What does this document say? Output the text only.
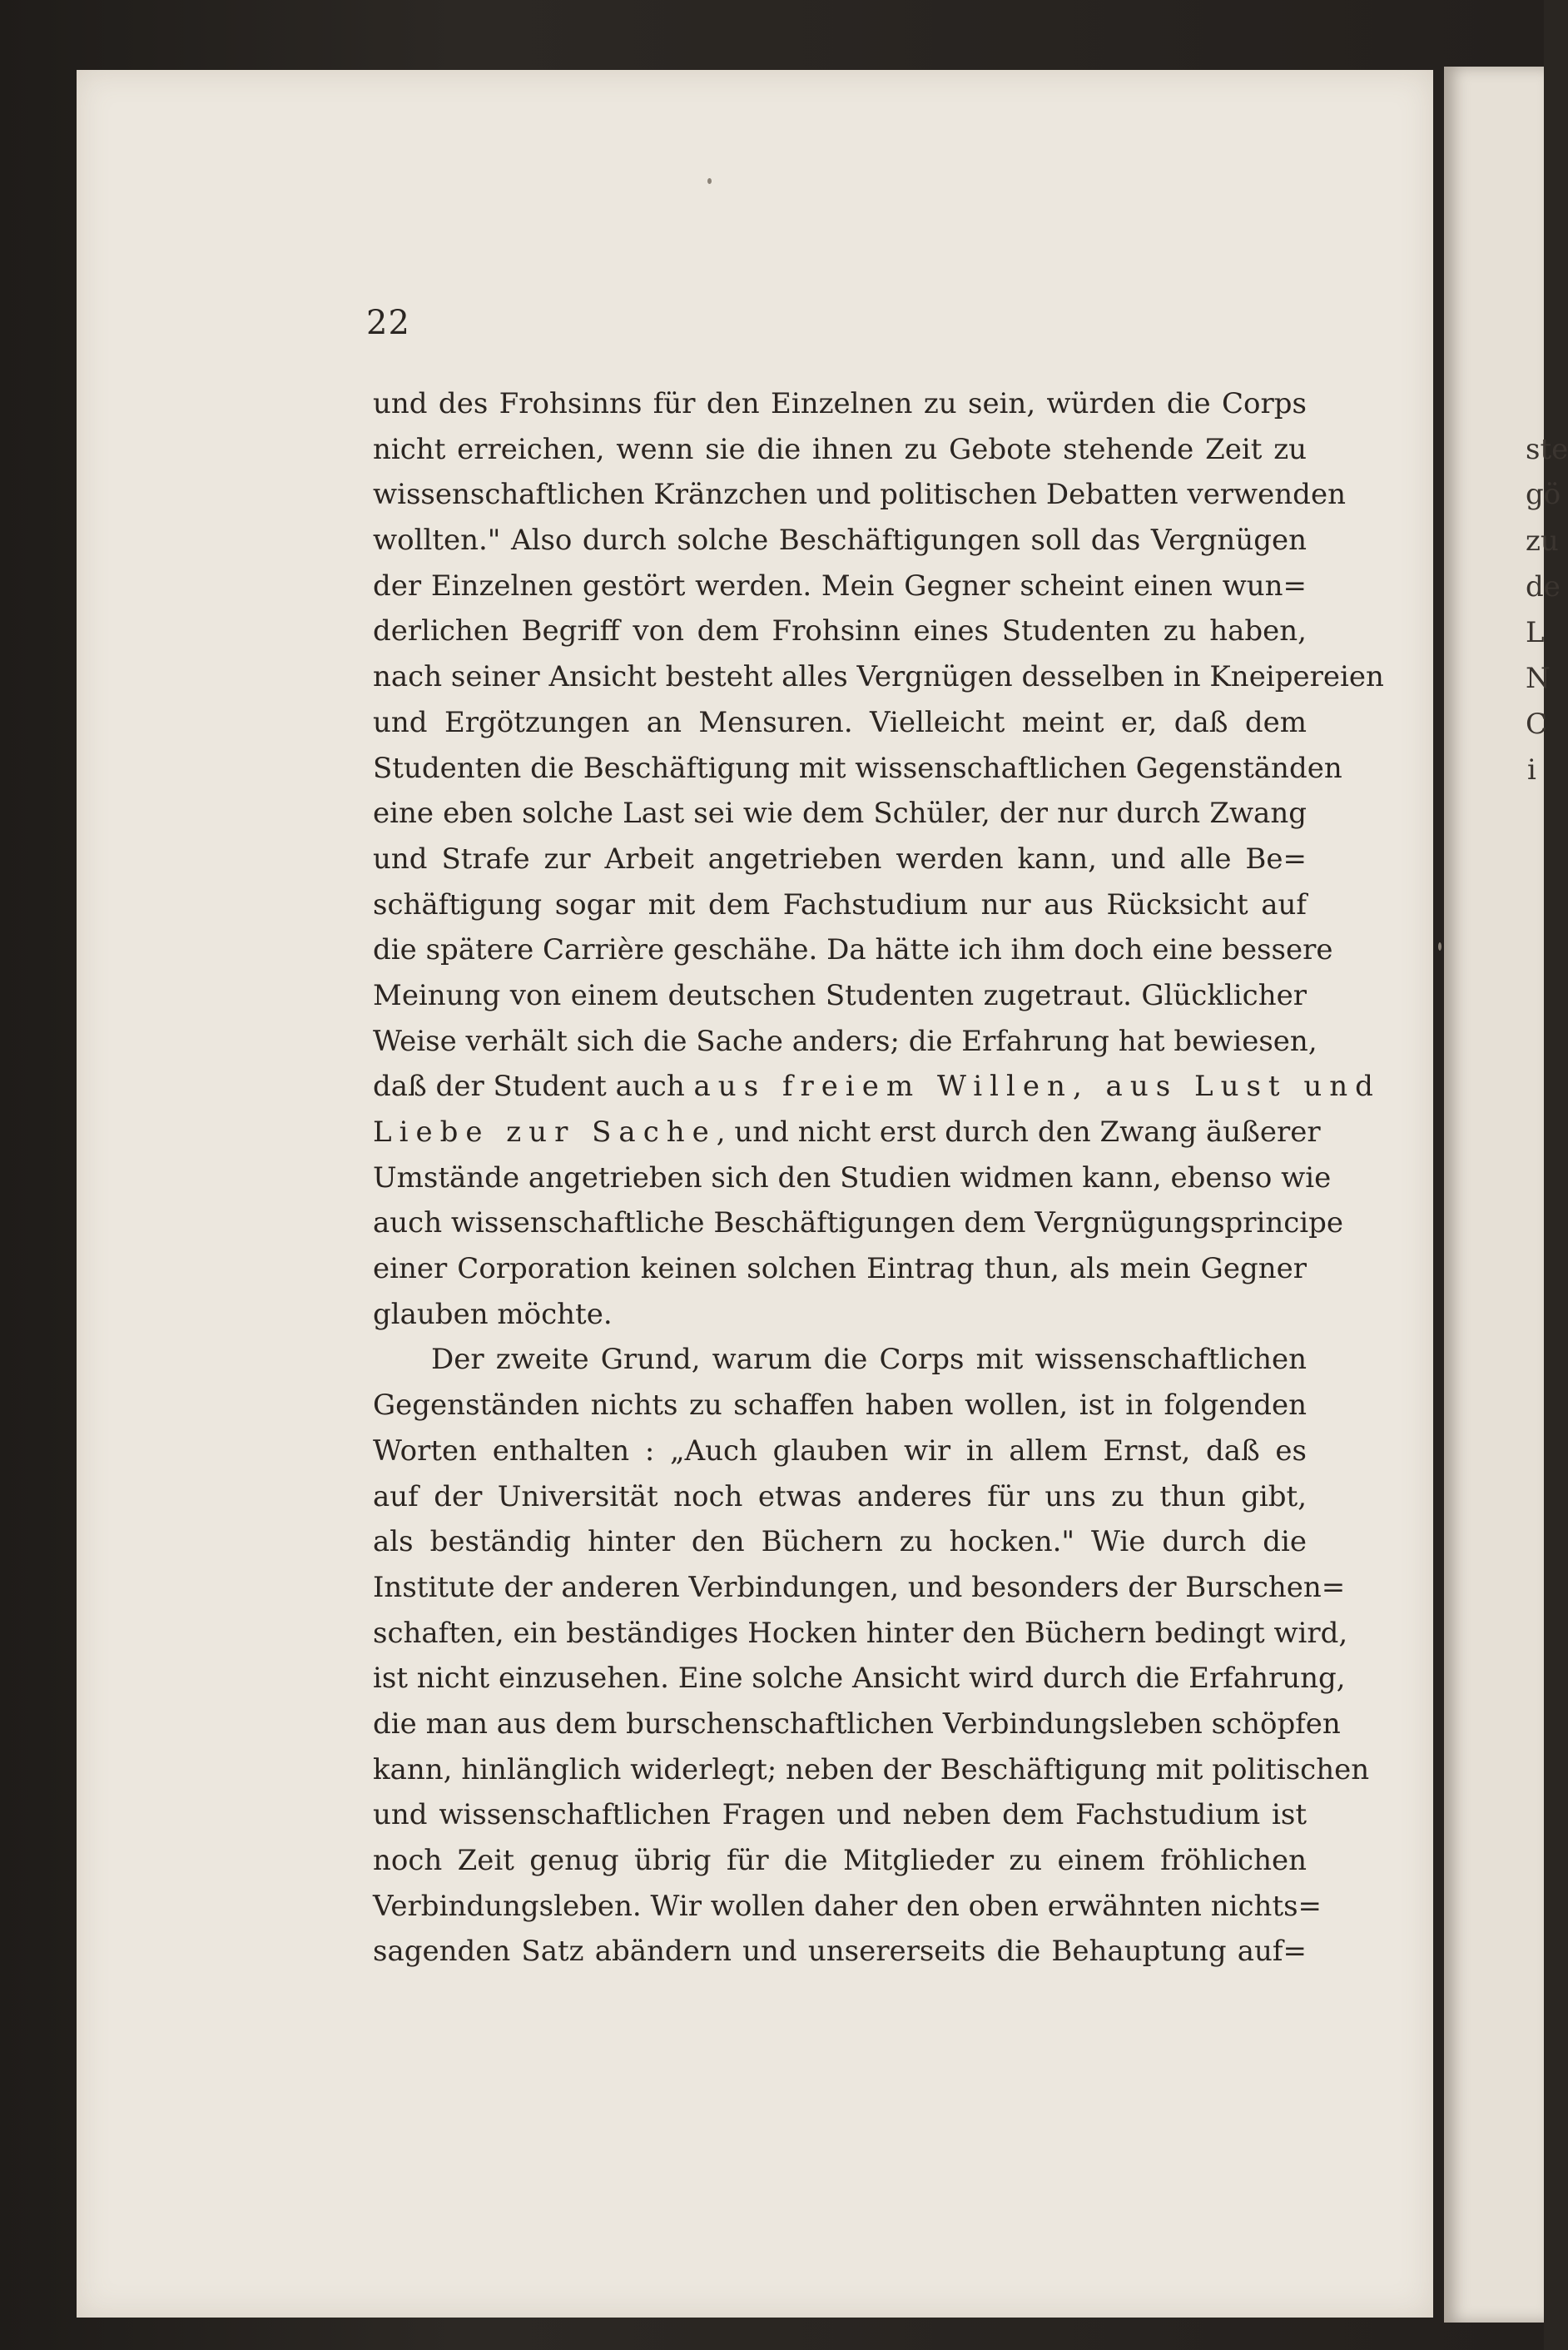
ste
gö
zu
de
L
N
C
i
22
und des Frohsinns für den Einzelnen zu sein, würden die Corps
nicht erreichen, wenn sie die ihnen zu Gebote stehende Zeit zu
wissenschaftlichen Kränzchen und politischen Debatten verwenden
wollten." Also durch solche Beschäftigungen soll das Vergnügen
der Einzelnen gestört werden. Mein Gegner scheint einen wun=
derlichen Begriff von dem Frohsinn eines Studenten zu haben,
nach seiner Ansicht besteht alles Vergnügen desselben in Kneipereien
und Ergötzungen an Mensuren. Vielleicht meint er, daß dem
Studenten die Beschäftigung mit wissenschaftlichen Gegenständen
eine eben solche Last sei wie dem Schüler, der nur durch Zwang
und Strafe zur Arbeit angetrieben werden kann, und alle Be=
schäftigung sogar mit dem Fachstudium nur aus Rücksicht auf
die spätere Carrière geschähe. Da hätte ich ihm doch eine bessere
Meinung von einem deutschen Studenten zugetraut. Glücklicher
Weise verhält sich die Sache anders; die Erfahrung hat bewiesen,
daß der Student auch aus freiem Willen, aus Lust und
Liebe zur Sache, und nicht erst durch den Zwang äußerer
Umstände angetrieben sich den Studien widmen kann, ebenso wie
auch wissenschaftliche Beschäftigungen dem Vergnügungsprincipe
einer Corporation keinen solchen Eintrag thun, als mein Gegner
glauben möchte.
Der zweite Grund, warum die Corps mit wissenschaftlichen
Gegenständen nichts zu schaffen haben wollen, ist in folgenden
Worten enthalten : „Auch glauben wir in allem Ernst, daß es
auf der Universität noch etwas anderes für uns zu thun gibt,
als beständig hinter den Büchern zu hocken." Wie durch die
Institute der anderen Verbindungen, und besonders der Burschen=
schaften, ein beständiges Hocken hinter den Büchern bedingt wird,
ist nicht einzusehen. Eine solche Ansicht wird durch die Erfahrung,
die man aus dem burschenschaftlichen Verbindungsleben schöpfen
kann, hinlänglich widerlegt; neben der Beschäftigung mit politischen
und wissenschaftlichen Fragen und neben dem Fachstudium ist
noch Zeit genug übrig für die Mitglieder zu einem fröhlichen
Verbindungsleben. Wir wollen daher den oben erwähnten nichts=
sagenden Satz abändern und unsererseits die Behauptung auf=
